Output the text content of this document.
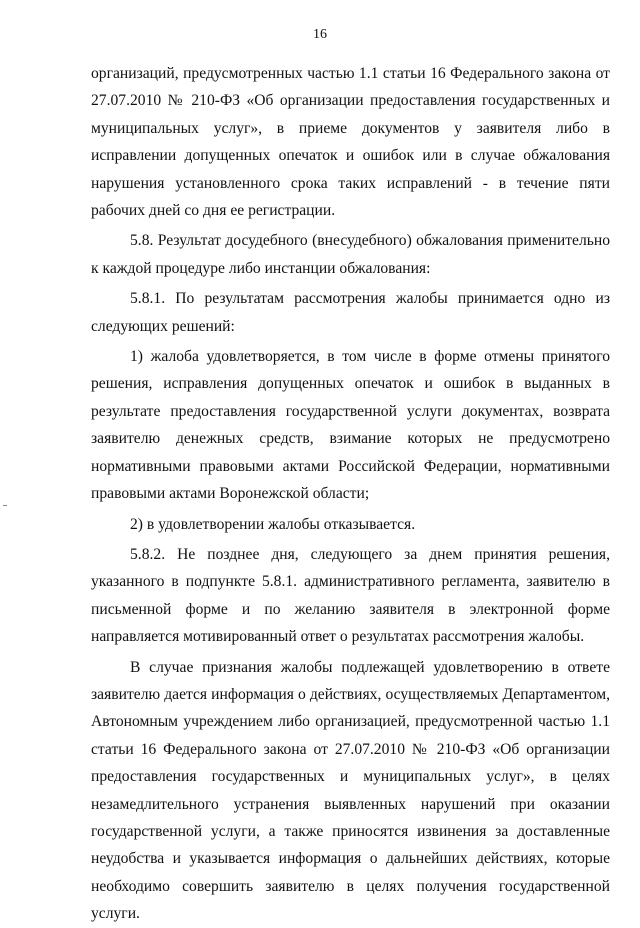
16

организаций, предусмотренных частью 1.1 статьи 16 Федерального закона от 27.07.2010 № 210-ФЗ «Об организации предоставления государственных и муниципальных услуг», в приеме документов у заявителя либо в исправлении допущенных опечаток и ошибок или в случае обжалования нарушения установленного срока таких исправлений - в течение пяти рабочих дней со дня ее регистрации.

5.8. Результат досудебного (внесудебного) обжалования применительно к каждой процедуре либо инстанции обжалования:

5.8.1. По результатам рассмотрения жалобы принимается одно из следующих решений:

1) жалоба удовлетворяется, в том числе в форме отмены принятого решения, исправления допущенных опечаток и ошибок в выданных в результате предоставления государственной услуги документах, возврата заявителю денежных средств, взимание которых не предусмотрено нормативными правовыми актами Российской Федерации, нормативными правовыми актами Воронежской области;

2) в удовлетворении жалобы отказывается.

5.8.2. Не позднее дня, следующего за днем принятия решения, указанного в подпункте 5.8.1. административного регламента, заявителю в письменной форме и по желанию заявителя в электронной форме направляется мотивированный ответ о результатах рассмотрения жалобы.

В случае признания жалобы подлежащей удовлетворению в ответе заявителю дается информация о действиях, осуществляемых Департаментом, Автономным учреждением либо организацией, предусмотренной частью 1.1 статьи 16 Федерального закона от 27.07.2010 № 210-ФЗ «Об организации предоставления государственных и муниципальных услуг», в целях незамедлительного устранения выявленных нарушений при оказании государственной услуги, а также приносятся извинения за доставленные неудобства и указывается информация о дальнейших действиях, которые необходимо совершить заявителю в целях получения государственной услуги.
